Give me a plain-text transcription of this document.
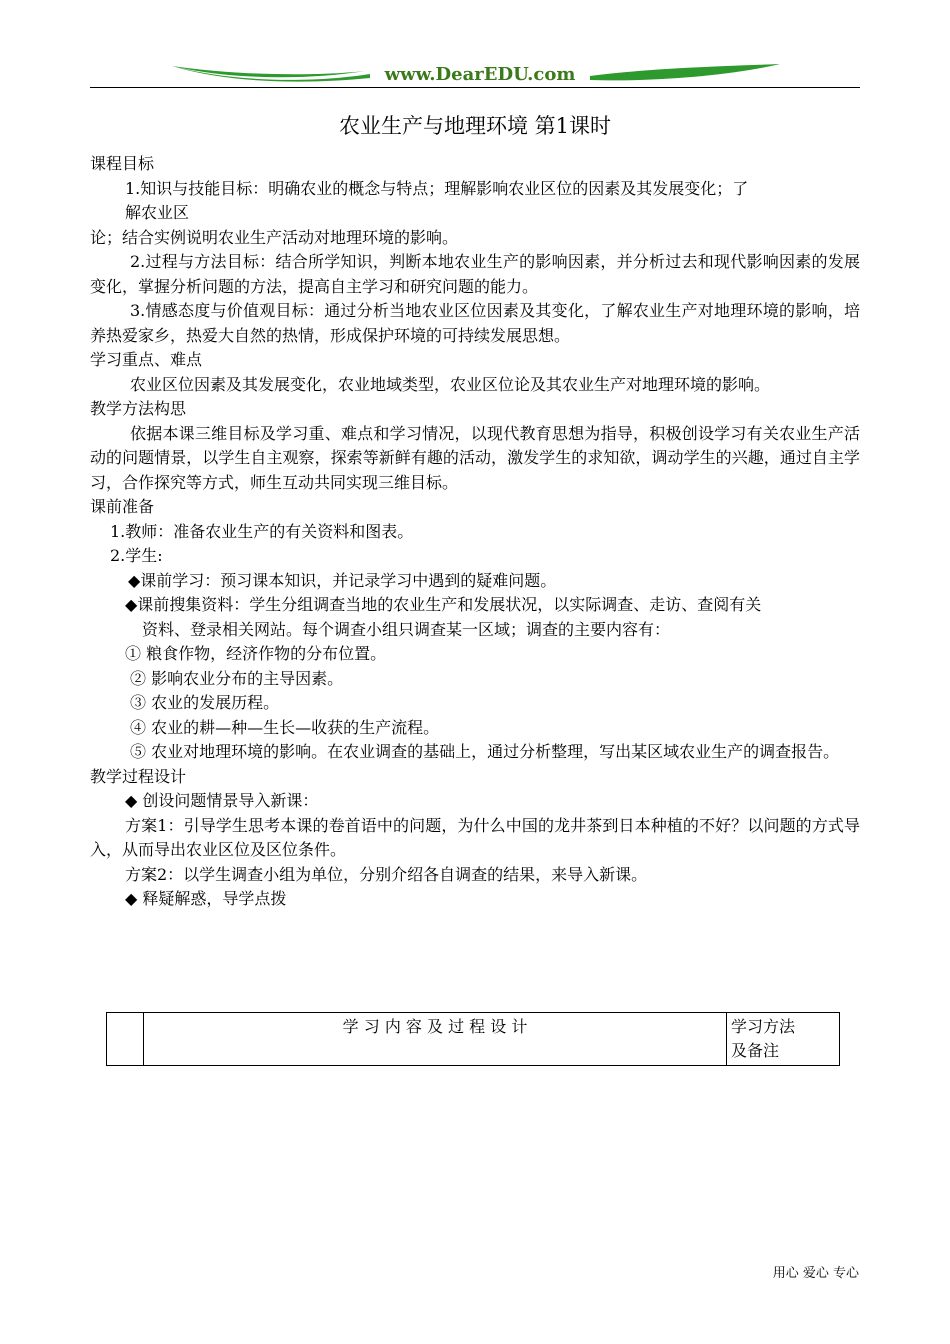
www.DearEDU.com
农业生产与地理环境 第1课时

课程目标

1.知识与技能目标：明确农业的概念与特点；理解影响农业区位的因素及其发展变化；了

解农业区

论；结合实例说明农业生产活动对地理环境的影响。

2.过程与方法目标：结合所学知识，判断本地农业生产的影响因素，并分析过去和现代影响因素的发展变化，掌握分析问题的方法，提高自主学习和研究问题的能力。

3.情感态度与价值观目标：通过分析当地农业区位因素及其变化，了解农业生产对地理环境的影响，培养热爱家乡，热爱大自然的热情，形成保护环境的可持续发展思想。

学习重点、难点

农业区位因素及其发展变化，农业地域类型，农业区位论及其农业生产对地理环境的影响。

教学方法构思

依据本课三维目标及学习重、难点和学习情况，以现代教育思想为指导，积极创设学习有关农业生产活动的问题情景，以学生自主观察，探索等新鲜有趣的活动，激发学生的求知欲，调动学生的兴趣，通过自主学习，合作探究等方式，师生互动共同实现三维目标。

课前准备

1.教师：准备农业生产的有关资料和图表。

2.学生:

◆课前学习：预习课本知识，并记录学习中遇到的疑难问题。

◆课前搜集资料：学生分组调查当地的农业生产和发展状况，以实际调查、走访、查阅有关

资料、登录相关网站。每个调查小组只调查某一区域；调查的主要内容有：

① 粮食作物，经济作物的分布位置。

② 影响农业分布的主导因素。

③ 农业的发展历程。

④ 农业的耕—种—生长—收获的生产流程。

⑤ 农业对地理环境的影响。在农业调查的基础上，通过分析整理，写出某区域农业生产的调查报告。

教学过程设计

◆ 创设问题情景导入新课：

方案1：引导学生思考本课的卷首语中的问题，为什么中国的龙井茶到日本种植的不好？以问题的方式导入，从而导出农业区位及区位条件。

方案2：以学生调查小组为单位，分别介绍各自调查的结果，来导入新课。

◆ 释疑解惑，导学点拨

	学 习 内 容 及 过 程 设 计	学习方法
及备注
用心 爱心 专心
